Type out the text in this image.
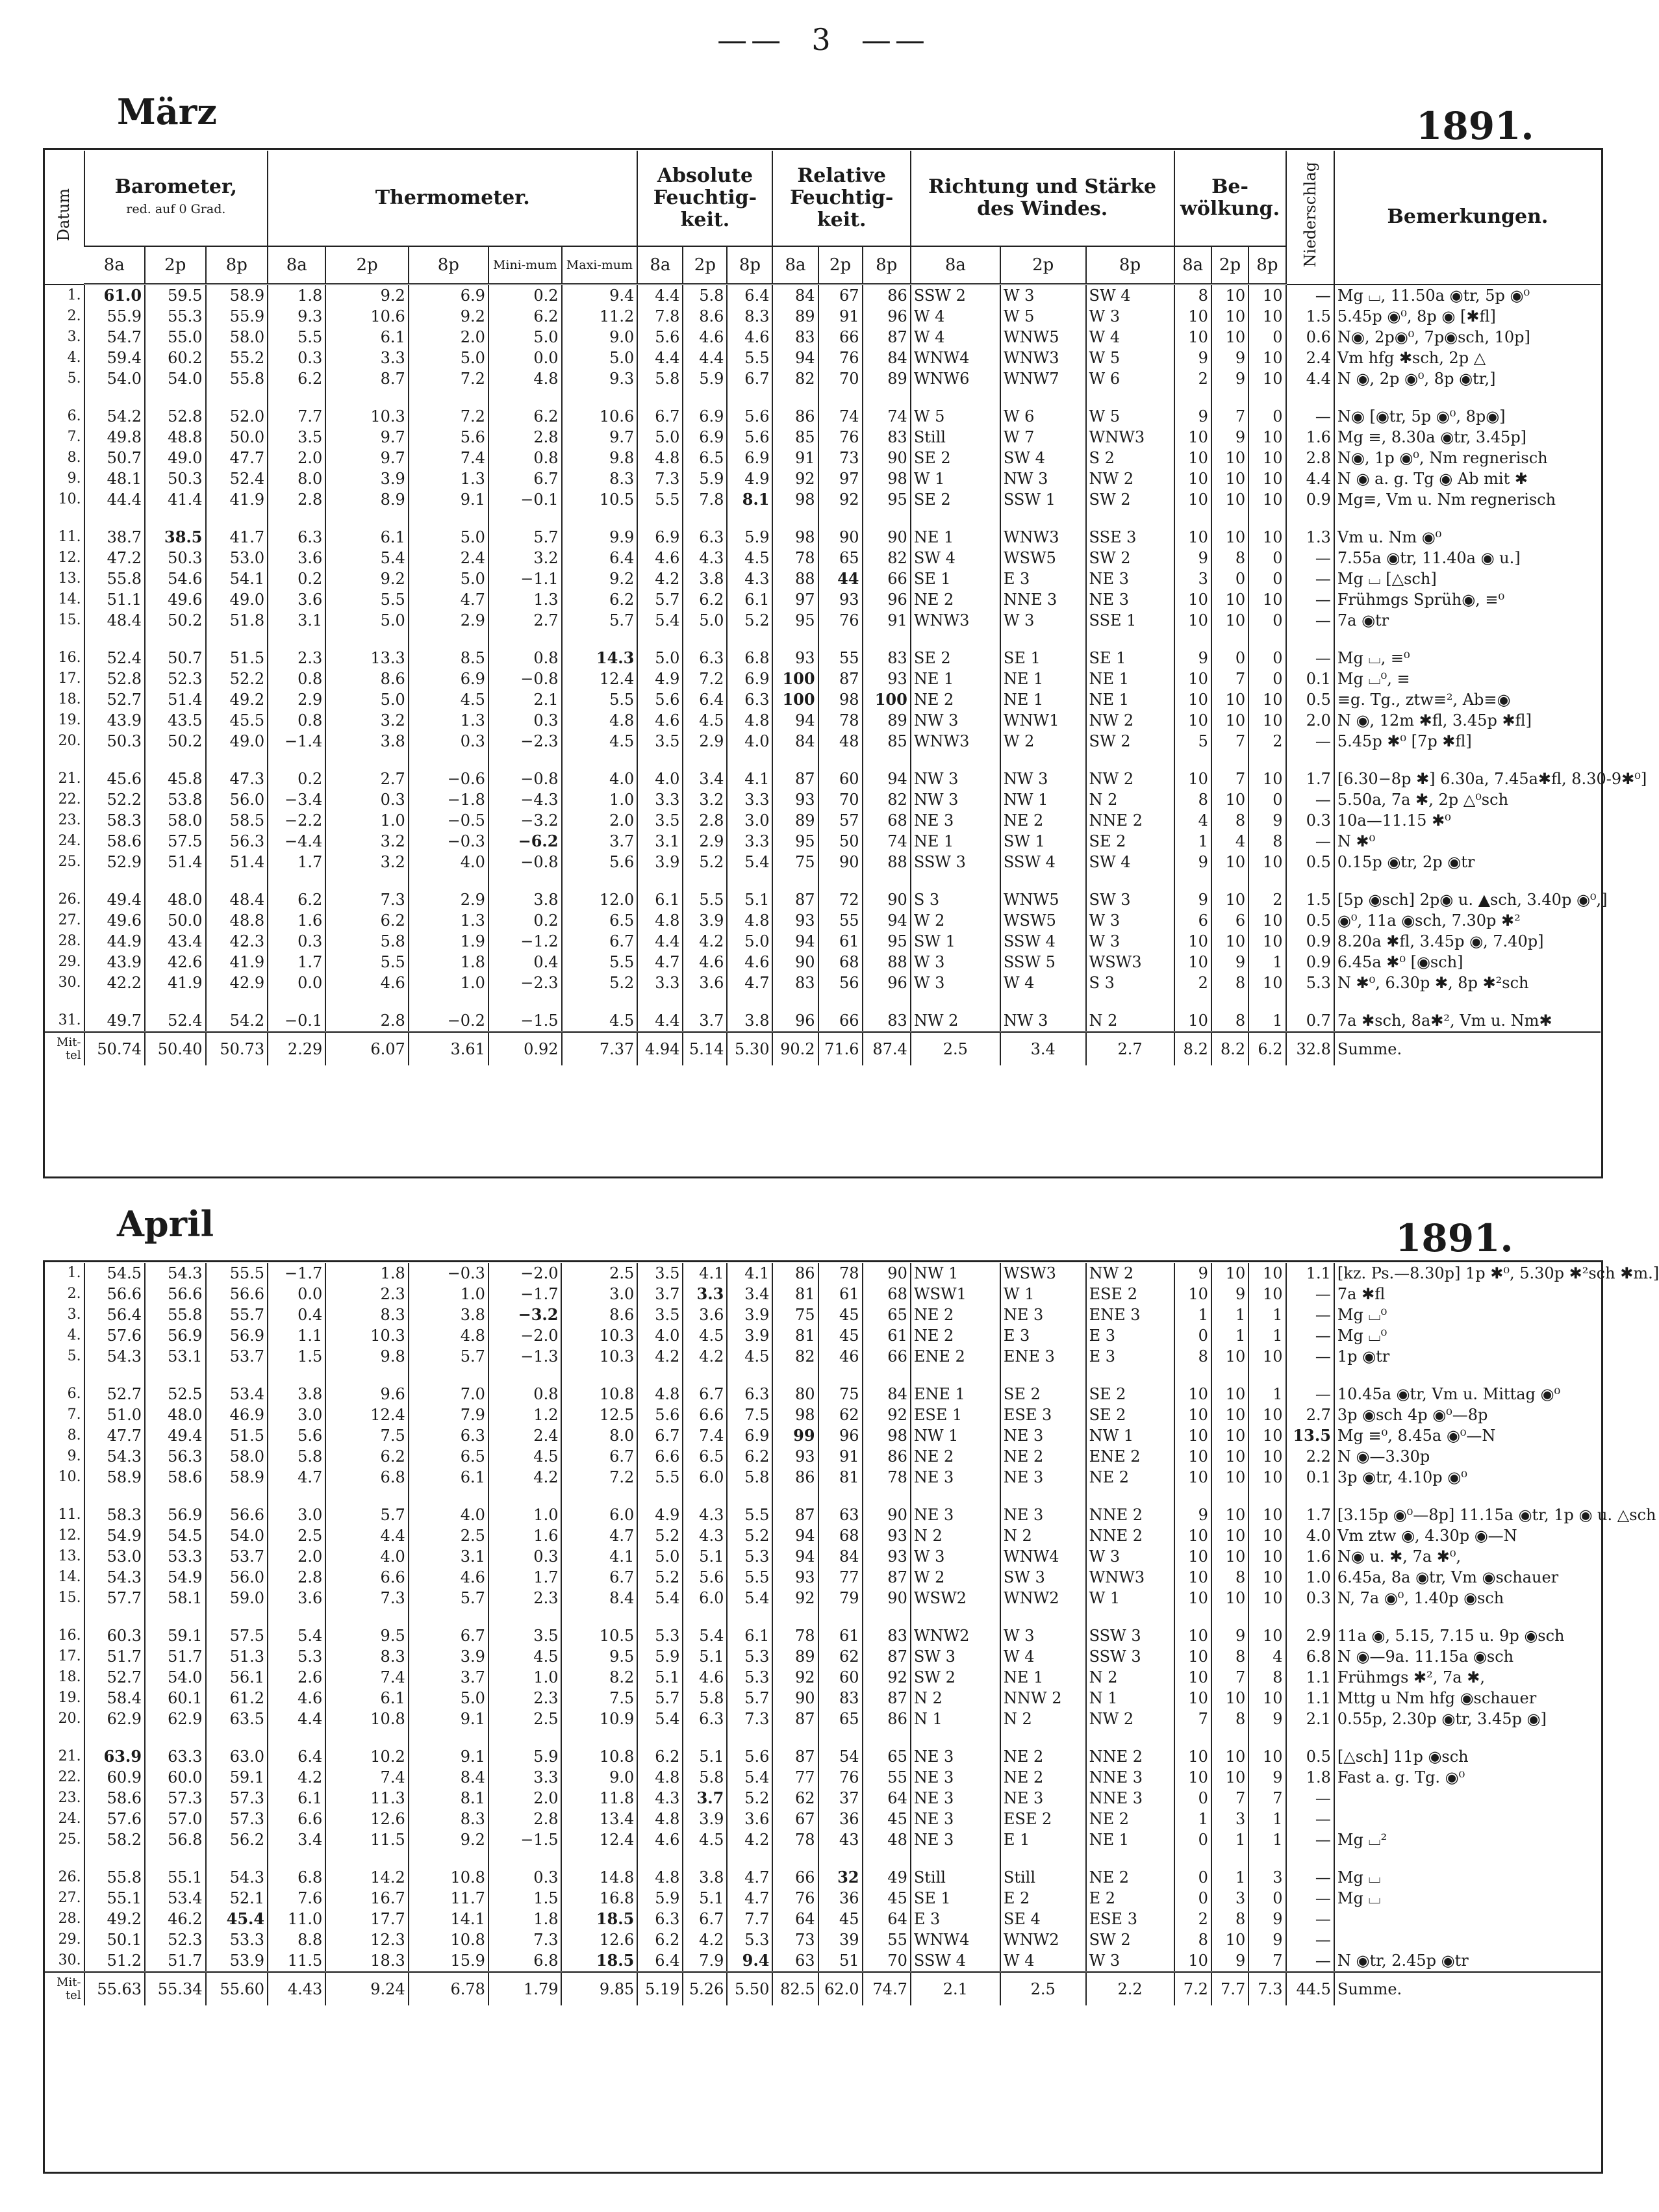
——  3  ——
März	1891.
Datum	Barometer,
red. auf 0 Grad.			Thermometer.					Absolute Feuchtig-keit.			Relative Feuchtig-keit.			Richtung und Stärke des Windes.			Be-wölkung.			Niederschlag	Bemerkungen.
	8a	2p	8p	8a	2p	8p	Mini-mum	Maxi-mum	8a	2p	8p	8a	2p	8p	8a	2p	8p	8a	2p	8p		
1.	61.0	59.5	58.9	1.8	9.2	6.9	0.2	9.4	4.4	5.8	6.4	84	67	86	SSW 2	W 3	SW 4	8	10	10	—	Mg ⌴, 11.50a ◉tr, 5p ◉⁰
2.	55.9	55.3	55.9	9.3	10.6	9.2	6.2	11.2	7.8	8.6	8.3	89	91	96	W 4	W 5	W 3	10	10	10	1.5	5.45p ◉⁰, 8p ◉ [✱fl]
3.	54.7	55.0	58.0	5.5	6.1	2.0	5.0	9.0	5.6	4.6	4.6	83	66	87	W 4	WNW5	W 4	10	10	0	0.6	N◉, 2p◉⁰, 7p◉sch, 10p]
4.	59.4	60.2	55.2	0.3	3.3	5.0	0.0	5.0	4.4	4.4	5.5	94	76	84	WNW4	WNW3	W 5	9	9	10	2.4	Vm hfg ✱sch, 2p △
5.	54.0	54.0	55.8	6.2	8.7	7.2	4.8	9.3	5.8	5.9	6.7	82	70	89	WNW6	WNW7	W 6	2	9	10	4.4	N ◉, 2p ◉⁰, 8p ◉tr,]
6.	54.2	52.8	52.0	7.7	10.3	7.2	6.2	10.6	6.7	6.9	5.6	86	74	74	W 5	W 6	W 5	9	7	0	—	N◉ [◉tr, 5p ◉⁰, 8p◉]
7.	49.8	48.8	50.0	3.5	9.7	5.6	2.8	9.7	5.0	6.9	5.6	85	76	83	Still	W 7	WNW3	10	9	10	1.6	Mg ≡, 8.30a ◉tr, 3.45p]
8.	50.7	49.0	47.7	2.0	9.7	7.4	0.8	9.8	4.8	6.5	6.9	91	73	90	SE 2	SW 4	S 2	10	10	10	2.8	N◉, 1p ◉⁰, Nm regnerisch
9.	48.1	50.3	52.4	8.0	3.9	1.3	6.7	8.3	7.3	5.9	4.9	92	97	98	W 1	NW 3	NW 2	10	10	10	4.4	N ◉ a. g. Tg ◉ Ab mit ✱
10.	44.4	41.4	41.9	2.8	8.9	9.1	−0.1	10.5	5.5	7.8	8.1	98	92	95	SE 2	SSW 1	SW 2	10	10	10	0.9	Mg≡, Vm u. Nm regnerisch
11.	38.7	38.5	41.7	6.3	6.1	5.0	5.7	9.9	6.9	6.3	5.9	98	90	90	NE 1	WNW3	SSE 3	10	10	10	1.3	Vm u. Nm ◉⁰
12.	47.2	50.3	53.0	3.6	5.4	2.4	3.2	6.4	4.6	4.3	4.5	78	65	82	SW 4	WSW5	SW 2	9	8	0	—	7.55a ◉tr, 11.40a ◉ u.]
13.	55.8	54.6	54.1	0.2	9.2	5.0	−1.1	9.2	4.2	3.8	4.3	88	44	66	SE 1	E 3	NE 3	3	0	0	—	Mg ⌴ [△sch]
14.	51.1	49.6	49.0	3.6	5.5	4.7	1.3	6.2	5.7	6.2	6.1	97	93	96	NE 2	NNE 3	NE 3	10	10	10	—	Frühmgs Sprüh◉, ≡⁰
15.	48.4	50.2	51.8	3.1	5.0	2.9	2.7	5.7	5.4	5.0	5.2	95	76	91	WNW3	W 3	SSE 1	10	10	0	—	7a ◉tr
16.	52.4	50.7	51.5	2.3	13.3	8.5	0.8	14.3	5.0	6.3	6.8	93	55	83	SE 2	SE 1	SE 1	9	0	0	—	Mg ⌴, ≡⁰
17.	52.8	52.3	52.2	0.8	8.6	6.9	−0.8	12.4	4.9	7.2	6.9	100	87	93	NE 1	NE 1	NE 1	10	7	0	0.1	Mg ⌴⁰, ≡
18.	52.7	51.4	49.2	2.9	5.0	4.5	2.1	5.5	5.6	6.4	6.3	100	98	100	NE 2	NE 1	NE 1	10	10	10	0.5	≡g. Tg., ztw≡², Ab≡◉
19.	43.9	43.5	45.5	0.8	3.2	1.3	0.3	4.8	4.6	4.5	4.8	94	78	89	NW 3	WNW1	NW 2	10	10	10	2.0	N ◉, 12m ✱fl, 3.45p ✱fl]
20.	50.3	50.2	49.0	−1.4	3.8	0.3	−2.3	4.5	3.5	2.9	4.0	84	48	85	WNW3	W 2	SW 2	5	7	2	—	5.45p ✱⁰ [7p ✱fl]
21.	45.6	45.8	47.3	0.2	2.7	−0.6	−0.8	4.0	4.0	3.4	4.1	87	60	94	NW 3	NW 3	NW 2	10	7	10	1.7	[6.30−8p ✱] 6.30a, 7.45a✱fl, 8.30-9✱⁰]
22.	52.2	53.8	56.0	−3.4	0.3	−1.8	−4.3	1.0	3.3	3.2	3.3	93	70	82	NW 3	NW 1	N 2	8	10	0	—	5.50a, 7a ✱, 2p △⁰sch
23.	58.3	58.0	58.5	−2.2	1.0	−0.5	−3.2	2.0	3.5	2.8	3.0	89	57	68	NE 3	NE 2	NNE 2	4	8	9	0.3	10a—11.15 ✱⁰
24.	58.6	57.5	56.3	−4.4	3.2	−0.3	−6.2	3.7	3.1	2.9	3.3	95	50	74	NE 1	SW 1	SE 2	1	4	8	—	N ✱⁰
25.	52.9	51.4	51.4	1.7	3.2	4.0	−0.8	5.6	3.9	5.2	5.4	75	90	88	SSW 3	SSW 4	SW 4	9	10	10	0.5	0.15p ◉tr, 2p ◉tr
26.	49.4	48.0	48.4	6.2	7.3	2.9	3.8	12.0	6.1	5.5	5.1	87	72	90	S 3	WNW5	SW 3	9	10	2	1.5	[5p ◉sch] 2p◉ u. ▲sch, 3.40p ◉⁰,]
27.	49.6	50.0	48.8	1.6	6.2	1.3	0.2	6.5	4.8	3.9	4.8	93	55	94	W 2	WSW5	W 3	6	6	10	0.5	◉⁰, 11a ◉sch, 7.30p ✱²
28.	44.9	43.4	42.3	0.3	5.8	1.9	−1.2	6.7	4.4	4.2	5.0	94	61	95	SW 1	SSW 4	W 3	10	10	10	0.9	8.20a ✱fl, 3.45p ◉, 7.40p]
29.	43.9	42.6	41.9	1.7	5.5	1.8	0.4	5.5	4.7	4.6	4.6	90	68	88	W 3	SSW 5	WSW3	10	9	1	0.9	6.45a ✱⁰ [◉sch]
30.	42.2	41.9	42.9	0.0	4.6	1.0	−2.3	5.2	3.3	3.6	4.7	83	56	96	W 3	W 4	S 3	2	8	10	5.3	N ✱⁰, 6.30p ✱, 8p ✱²sch
31.	49.7	52.4	54.2	−0.1	2.8	−0.2	−1.5	4.5	4.4	3.7	3.8	96	66	83	NW 2	NW 3	N 2	10	8	1	0.7	7a ✱sch, 8a✱², Vm u. Nm✱
Mit-tel	50.74	50.40	50.73	2.29	6.07	3.61	0.92	7.37	4.94	5.14	5.30	90.2	71.6	87.4	2.5	3.4	2.7	8.2	8.2	6.2	32.8	Summe.
April	1891.
1.	54.5	54.3	55.5	−1.7	1.8	−0.3	−2.0	2.5	3.5	4.1	4.1	86	78	90	NW 1	WSW3	NW 2	9	10	10	1.1	[kz. Ps.—8.30p] 1p ✱⁰, 5.30p ✱²sch ✱m.]
2.	56.6	56.6	56.6	0.0	2.3	1.0	−1.7	3.0	3.7	3.3	3.4	81	61	68	WSW1	W 1	ESE 2	10	9	10	—	7a ✱fl
3.	56.4	55.8	55.7	0.4	8.3	3.8	−3.2	8.6	3.5	3.6	3.9	75	45	65	NE 2	NE 3	ENE 3	1	1	1	—	Mg ⌴⁰
4.	57.6	56.9	56.9	1.1	10.3	4.8	−2.0	10.3	4.0	4.5	3.9	81	45	61	NE 2	E 3	E 3	0	1	1	—	Mg ⌴⁰
5.	54.3	53.1	53.7	1.5	9.8	5.7	−1.3	10.3	4.2	4.2	4.5	82	46	66	ENE 2	ENE 3	E 3	8	10	10	—	1p ◉tr
6.	52.7	52.5	53.4	3.8	9.6	7.0	0.8	10.8	4.8	6.7	6.3	80	75	84	ENE 1	SE 2	SE 2	10	10	1	—	10.45a ◉tr, Vm u. Mittag ◉⁰
7.	51.0	48.0	46.9	3.0	12.4	7.9	1.2	12.5	5.6	6.6	7.5	98	62	92	ESE 1	ESE 3	SE 2	10	10	10	2.7	3p ◉sch 4p ◉⁰—8p
8.	47.7	49.4	51.5	5.6	7.5	6.3	2.4	8.0	6.7	7.4	6.9	99	96	98	NW 1	NE 3	NW 1	10	10	10	13.5	Mg ≡⁰, 8.45a ◉⁰—N
9.	54.3	56.3	58.0	5.8	6.2	6.5	4.5	6.7	6.6	6.5	6.2	93	91	86	NE 2	NE 2	ENE 2	10	10	10	2.2	N ◉—3.30p
10.	58.9	58.6	58.9	4.7	6.8	6.1	4.2	7.2	5.5	6.0	5.8	86	81	78	NE 3	NE 3	NE 2	10	10	10	0.1	3p ◉tr, 4.10p ◉⁰
11.	58.3	56.9	56.6	3.0	5.7	4.0	1.0	6.0	4.9	4.3	5.5	87	63	90	NE 3	NE 3	NNE 2	9	10	10	1.7	[3.15p ◉⁰—8p] 11.15a ◉tr, 1p ◉ u. △sch
12.	54.9	54.5	54.0	2.5	4.4	2.5	1.6	4.7	5.2	4.3	5.2	94	68	93	N 2	N 2	NNE 2	10	10	10	4.0	Vm ztw ◉, 4.30p ◉—N
13.	53.0	53.3	53.7	2.0	4.0	3.1	0.3	4.1	5.0	5.1	5.3	94	84	93	W 3	WNW4	W 3	10	10	10	1.6	N◉ u. ✱, 7a ✱⁰,
14.	54.3	54.9	56.0	2.8	6.6	4.6	1.7	6.7	5.2	5.6	5.5	93	77	87	W 2	SW 3	WNW3	10	8	10	1.0	6.45a, 8a ◉tr, Vm ◉schauer
15.	57.7	58.1	59.0	3.6	7.3	5.7	2.3	8.4	5.4	6.0	5.4	92	79	90	WSW2	WNW2	W 1	10	10	10	0.3	N, 7a ◉⁰, 1.40p ◉sch
16.	60.3	59.1	57.5	5.4	9.5	6.7	3.5	10.5	5.3	5.4	6.1	78	61	83	WNW2	W 3	SSW 3	10	9	10	2.9	11a ◉, 5.15, 7.15 u. 9p ◉sch
17.	51.7	51.7	51.3	5.3	8.3	3.9	4.5	9.5	5.9	5.1	5.3	89	62	87	SW 3	W 4	SSW 3	10	8	4	6.8	N ◉—9a. 11.15a ◉sch
18.	52.7	54.0	56.1	2.6	7.4	3.7	1.0	8.2	5.1	4.6	5.3	92	60	92	SW 2	NE 1	N 2	10	7	8	1.1	Frühmgs ✱², 7a ✱,
19.	58.4	60.1	61.2	4.6	6.1	5.0	2.3	7.5	5.7	5.8	5.7	90	83	87	N 2	NNW 2	N 1	10	10	10	1.1	Mttg u Nm hfg ◉schauer
20.	62.9	62.9	63.5	4.4	10.8	9.1	2.5	10.9	5.4	6.3	7.3	87	65	86	N 1	N 2	NW 2	7	8	9	2.1	0.55p, 2.30p ◉tr, 3.45p ◉]
21.	63.9	63.3	63.0	6.4	10.2	9.1	5.9	10.8	6.2	5.1	5.6	87	54	65	NE 3	NE 2	NNE 2	10	10	10	0.5	[△sch] 11p ◉sch
22.	60.9	60.0	59.1	4.2	7.4	8.4	3.3	9.0	4.8	5.8	5.4	77	76	55	NE 3	NE 2	NNE 3	10	10	9	1.8	Fast a. g. Tg. ◉⁰
23.	58.6	57.3	57.3	6.1	11.3	8.1	2.0	11.8	4.3	3.7	5.2	62	37	64	NE 3	NE 3	NNE 3	0	7	7	—	
24.	57.6	57.0	57.3	6.6	12.6	8.3	2.8	13.4	4.8	3.9	3.6	67	36	45	NE 3	ESE 2	NE 2	1	3	1	—	
25.	58.2	56.8	56.2	3.4	11.5	9.2	−1.5	12.4	4.6	4.5	4.2	78	43	48	NE 3	E 1	NE 1	0	1	1	—	Mg ⌴²
26.	55.8	55.1	54.3	6.8	14.2	10.8	0.3	14.8	4.8	3.8	4.7	66	32	49	Still	Still	NE 2	0	1	3	—	Mg ⌴
27.	55.1	53.4	52.1	7.6	16.7	11.7	1.5	16.8	5.9	5.1	4.7	76	36	45	SE 1	E 2	E 2	0	3	0	—	Mg ⌴
28.	49.2	46.2	45.4	11.0	17.7	14.1	1.8	18.5	6.3	6.7	7.7	64	45	64	E 3	SE 4	ESE 3	2	8	9	—	
29.	50.1	52.3	53.3	8.8	12.3	10.8	7.3	12.6	6.2	4.2	5.3	73	39	55	WNW4	WNW2	SW 2	8	10	9	—	
30.	51.2	51.7	53.9	11.5	18.3	15.9	6.8	18.5	6.4	7.9	9.4	63	51	70	SSW 4	W 4	W 3	10	9	7	—	N ◉tr, 2.45p ◉tr
Mit-tel	55.63	55.34	55.60	4.43	9.24	6.78	1.79	9.85	5.19	5.26	5.50	82.5	62.0	74.7	2.1	2.5	2.2	7.2	7.7	7.3	44.5	Summe.
